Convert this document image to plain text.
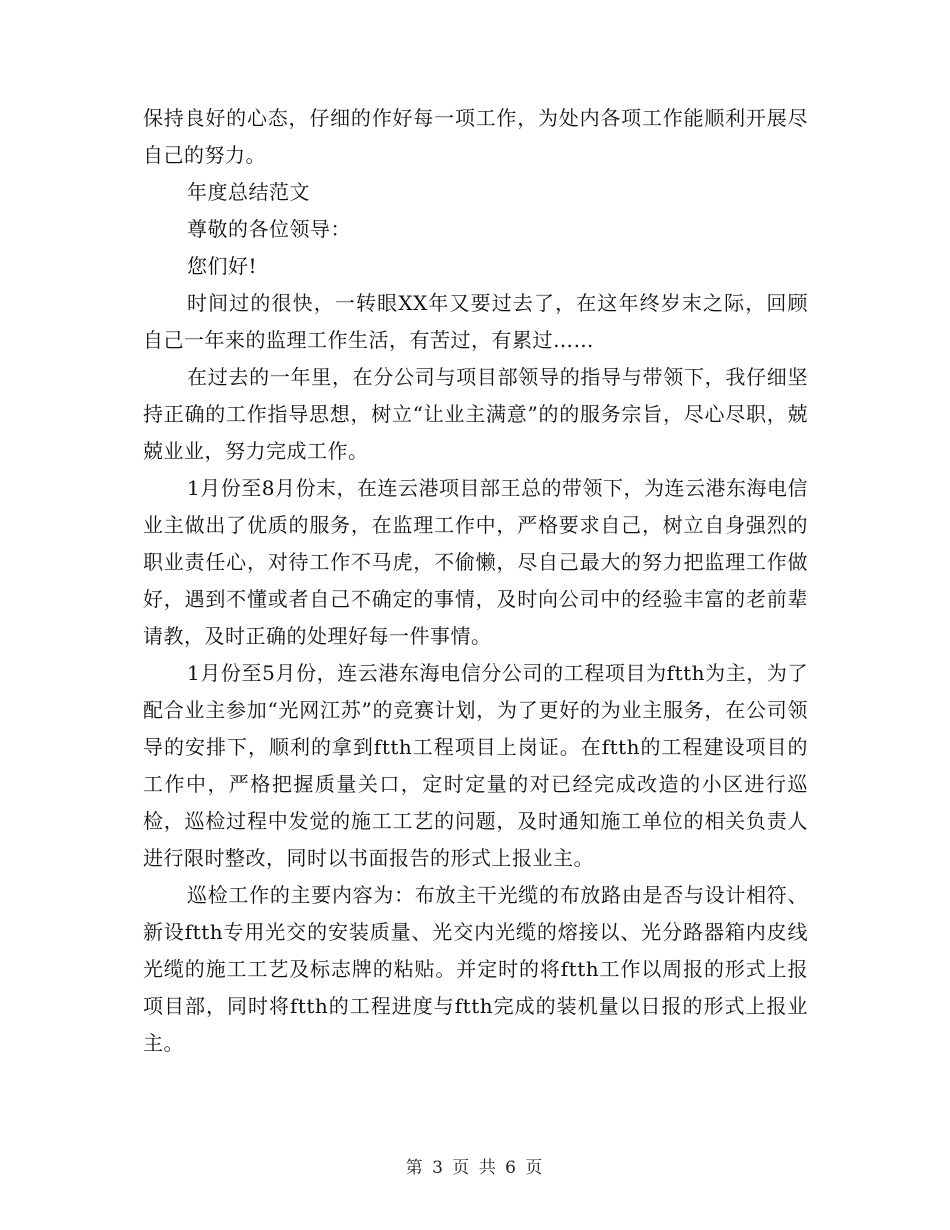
保持良好的心态，仔细的作好每一项工作，为处内各项工作能顺利开展尽自己的努力。

年度总结范文

尊敬的各位领导：

您们好!

时间过的很快，一转眼XX年又要过去了，在这年终岁末之际，回顾自己一年来的监理工作生活，有苦过，有累过……

在过去的一年里，在分公司与项目部领导的指导与带领下，我仔细坚持正确的工作指导思想，树立“让业主满意”的的服务宗旨，尽心尽职，兢兢业业，努力完成工作。

1月份至8月份末，在连云港项目部王总的带领下，为连云港东海电信业主做出了优质的服务，在监理工作中，严格要求自己，树立自身强烈的职业责任心，对待工作不马虎，不偷懒，尽自己最大的努力把监理工作做好，遇到不懂或者自己不确定的事情，及时向公司中的经验丰富的老前辈请教，及时正确的处理好每一件事情。

1月份至5月份，连云港东海电信分公司的工程项目为ftth为主，为了配合业主参加“光网江苏”的竞赛计划，为了更好的为业主服务，在公司领导的安排下，顺利的拿到ftth工程项目上岗证。在ftth的工程建设项目的工作中，严格把握质量关口，定时定量的对已经完成改造的小区进行巡检，巡检过程中发觉的施工工艺的问题，及时通知施工单位的相关负责人进行限时整改，同时以书面报告的形式上报业主。

巡检工作的主要内容为：布放主干光缆的布放路由是否与设计相符、新设ftth专用光交的安装质量、光交内光缆的熔接以、光分路器箱内皮线光缆的施工工艺及标志牌的粘贴。并定时的将ftth工作以周报的形式上报项目部，同时将ftth的工程进度与ftth完成的装机量以日报的形式上报业主。

第 3 页 共 6 页
